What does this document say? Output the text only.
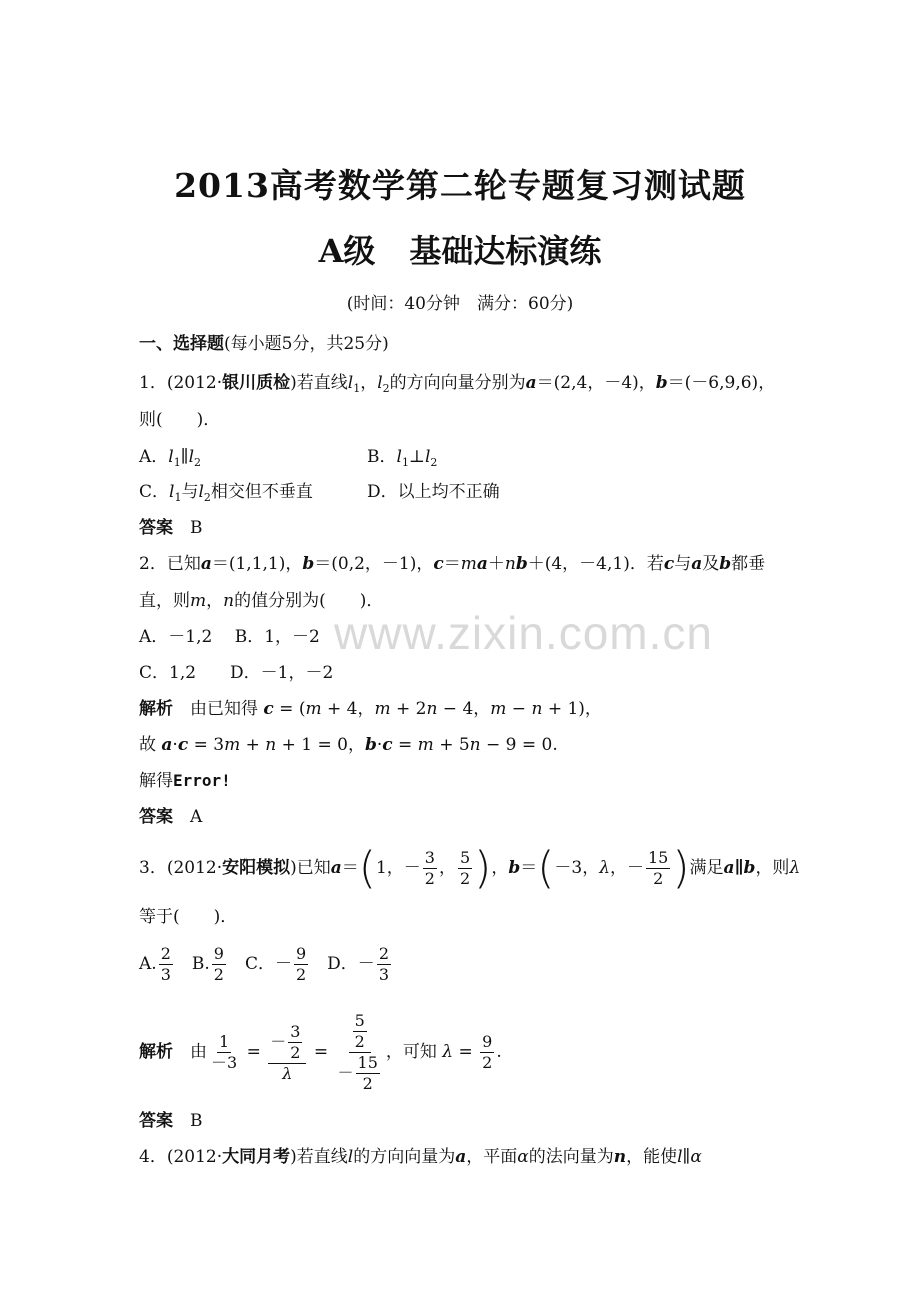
2013高考数学第二轮专题复习测试题
A级 基础达标演练
(时间：40分钟　满分：60分)
一、选择题(每小题5分，共25分)
1．(2012·银川质检)若直线$l_1$，$l_2$的方向向量分别为a＝(2,4，－4)，b＝(－6,9,6)，
则(　　)．
A．$l_1\parallel l_2$	B．$l_1\perp l_2$
C．$l_1$与$l_2$相交但不垂直	D．以上均不正确
答案　B
2．已知a＝(1,1,1)，b＝(0,2，－1)，c＝ma＋nb＋(4，－4,1)．若c与a及b都垂
直，则m，n的值分别为(　　)．
A．－1,2　 B．1，－2
C．1,2　　D．－1，－2
解析　由已知得 c = (m + 4，m + 2n − 4，m − n + 1)，
故 a·c = 3m + n + 1 = 0，b·c = m + 5n − 9 = 0.
解得Error!
答案　A
3．(2012·安阳模拟)已知a＝(1，－ $\frac{3}{2}$ ， $\frac{5}{2}$ )，b＝(－3，λ，－ $\frac{15}{2}$ )满足a∥b，则λ
等于(　　)．
A. $\frac{2}{3}$ 　B. $\frac{9}{2}$ 　C．－ $\frac{9}{2}$ 　D．－ $\frac{2}{3}$
解析　由 $\frac{1}{-3} = \frac{- \frac{3}{2}}{\lambda} = \frac{\frac{5}{2}}{- \frac{15}{2}}$ ，可知 $\lambda = \frac{9}{2}$ .
答案　B
4．(2012·大同月考)若直线l的方向向量为a，平面α的法向量为n，能使l∥α
www.zixin.com.cn
